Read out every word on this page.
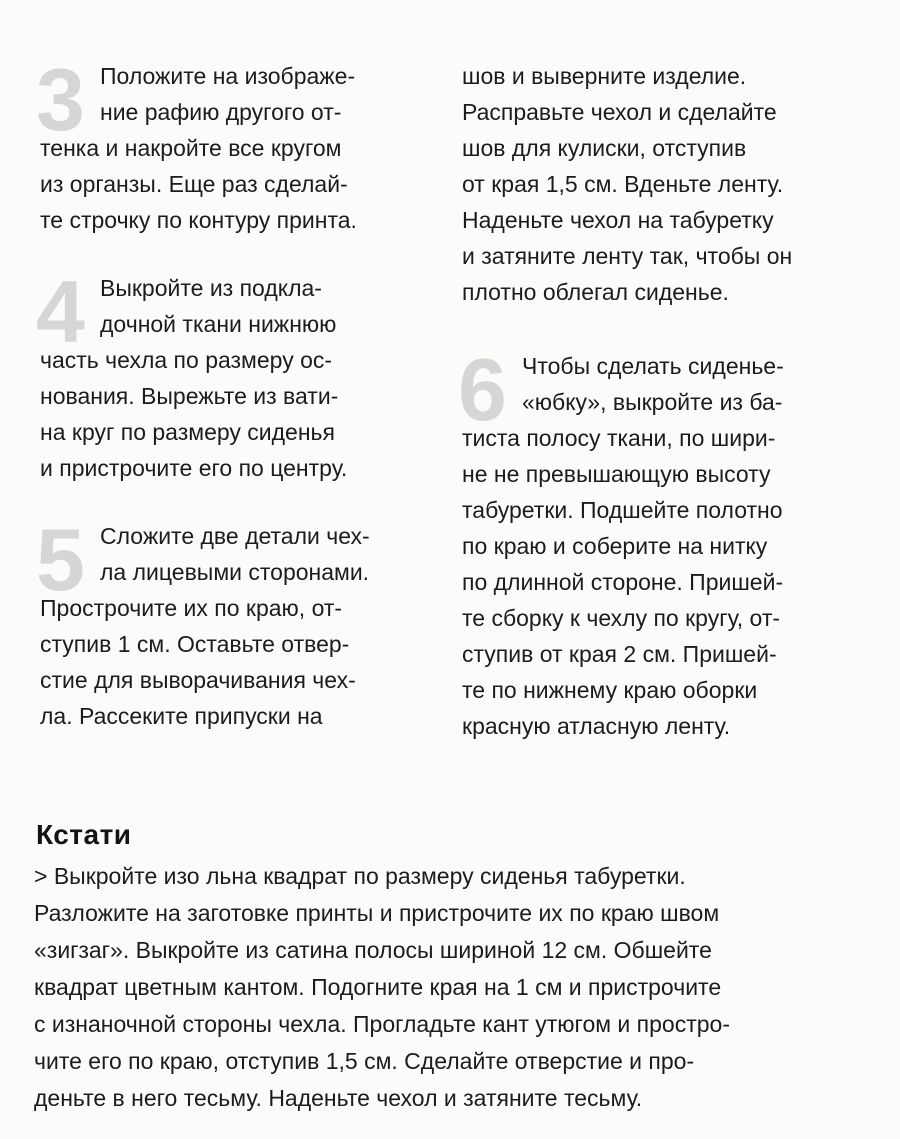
3 Положите на изображе-
ние рафию другого от-
тенка и накройте все кругом
из органзы. Еще раз сделай-
те строчку по контуру принта.

4 Выкройте из подкла-
дочной ткани нижнюю
часть чехла по размеру ос-
нования. Вырежьте из вати-
на круг по размеру сиденья
и пристрочите его по центру.

5 Сложите две детали чех-
ла лицевыми сторонами.
Прострочите их по краю, от-
ступив 1 см. Оставьте отвер-
стие для выворачивания чех-
ла. Рассеките припуски на

шов и выверните изделие.
Расправьте чехол и сделайте
шов для кулиски, отступив
от края 1,5 см. Вденьте ленту.
Наденьте чехол на табуретку
и затяните ленту так, чтобы он
плотно облегал сиденье.

6 Чтобы сделать сиденье-
«юбку», выкройте из ба-
тиста полосу ткани, по шири-
не не превышающую высоту
табуретки. Подшейте полотно
по краю и соберите на нитку
по длинной стороне. Пришей-
те сборку к чехлу по кругу, от-
ступив от края 2 см. Пришей-
те по нижнему краю оборки
красную атласную ленту.

Кстати

> Выкройте изо льна квадрат по размеру сиденья табуретки.
Разложите на заготовке принты и пристрочите их по краю швом
«зигзаг». Выкройте из сатина полосы шириной 12 см. Обшейте
квадрат цветным кантом. Подогните края на 1 см и пристрочите
с изнаночной стороны чехла. Прогладьте кант утюгом и простро-
чите его по краю, отступив 1,5 см. Сделайте отверстие и про-
деньте в него тесьму. Наденьте чехол и затяните тесьму.
